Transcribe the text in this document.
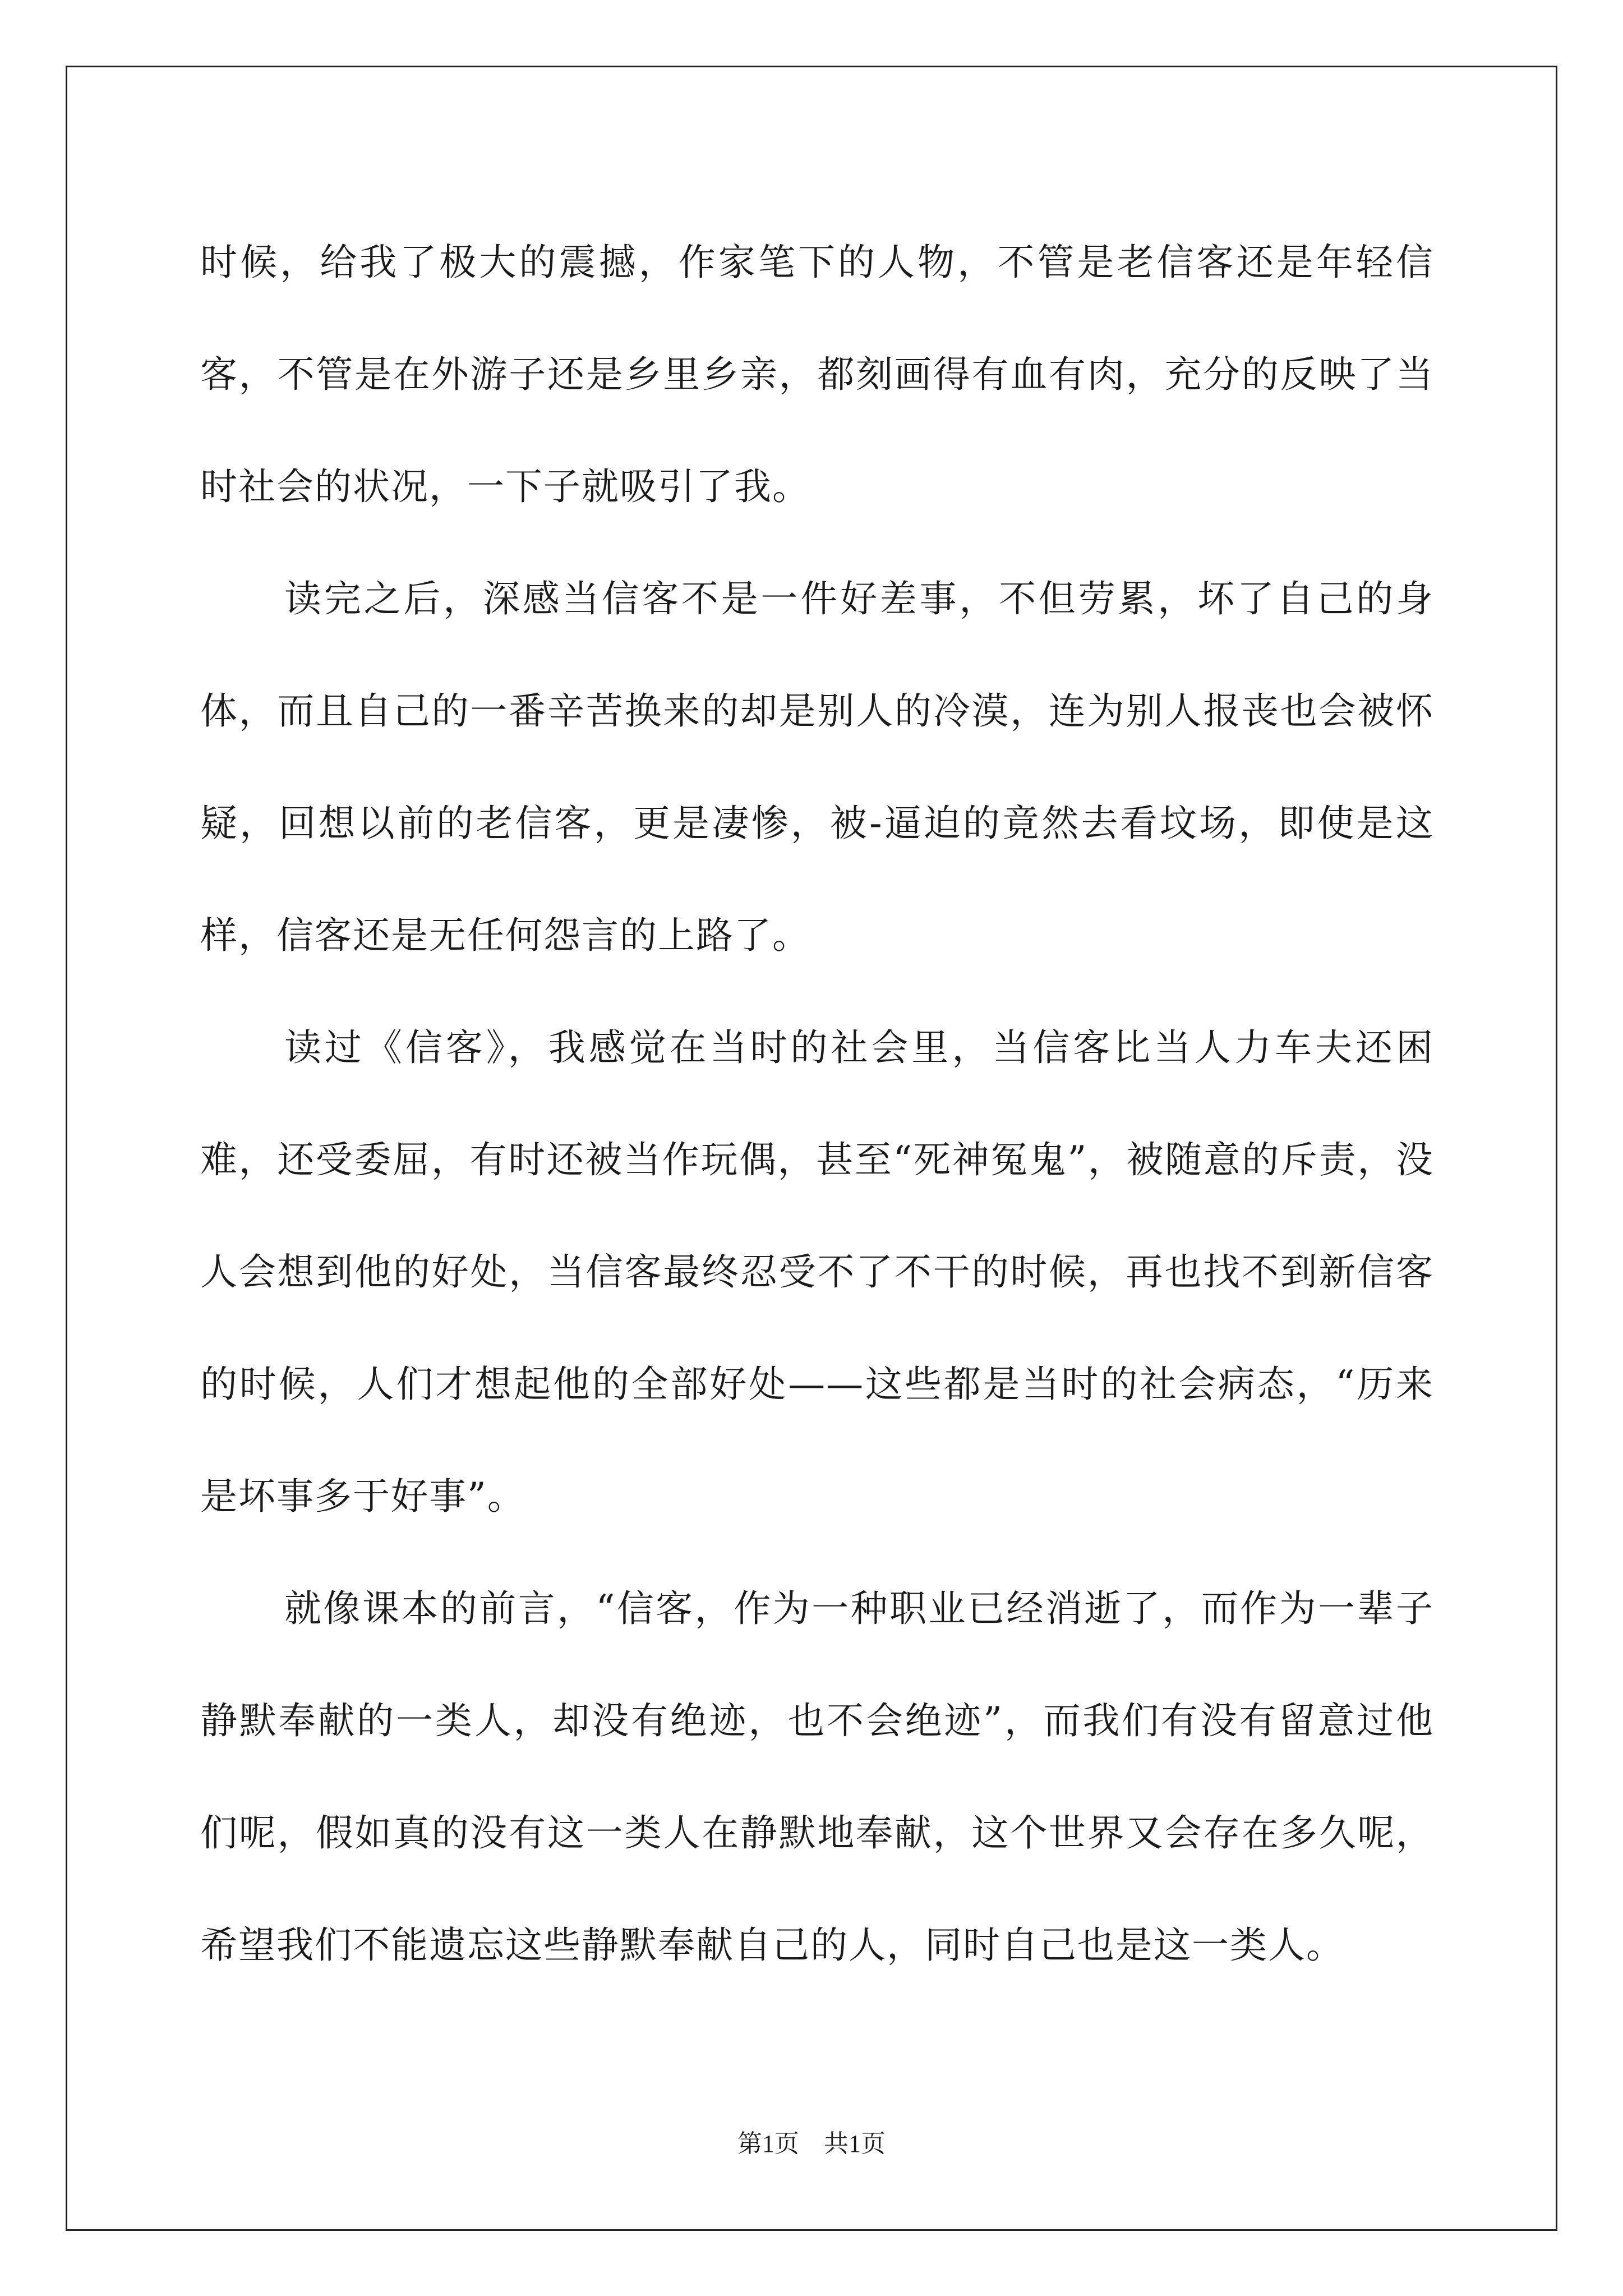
时候，给我了极大的震撼，作家笔下的人物，不管是老信客还是年轻信客，不管是在外游子还是乡里乡亲，都刻画得有血有肉，充分的反映了当时社会的状况，一下子就吸引了我。

读完之后，深感当信客不是一件好差事，不但劳累，坏了自己的身体，而且自己的一番辛苦换来的却是别人的冷漠，连为别人报丧也会被怀疑，回想以前的老信客，更是凄惨，被-逼迫的竟然去看坟场，即使是这样，信客还是无任何怨言的上路了。

读过《信客》，我感觉在当时的社会里，当信客比当人力车夫还困难，还受委屈，有时还被当作玩偶，甚至“死神冤鬼”，被随意的斥责，没人会想到他的好处，当信客最终忍受不了不干的时候，再也找不到新信客的时候，人们才想起他的全部好处——这些都是当时的社会病态，“历来是坏事多于好事”。

就像课本的前言，“信客，作为一种职业已经消逝了，而作为一辈子静默奉献的一类人，却没有绝迹，也不会绝迹”，而我们有没有留意过他们呢，假如真的没有这一类人在静默地奉献，这个世界又会存在多久呢，希望我们不能遗忘这些静默奉献自己的人，同时自己也是这一类人。

第1页　共1页
